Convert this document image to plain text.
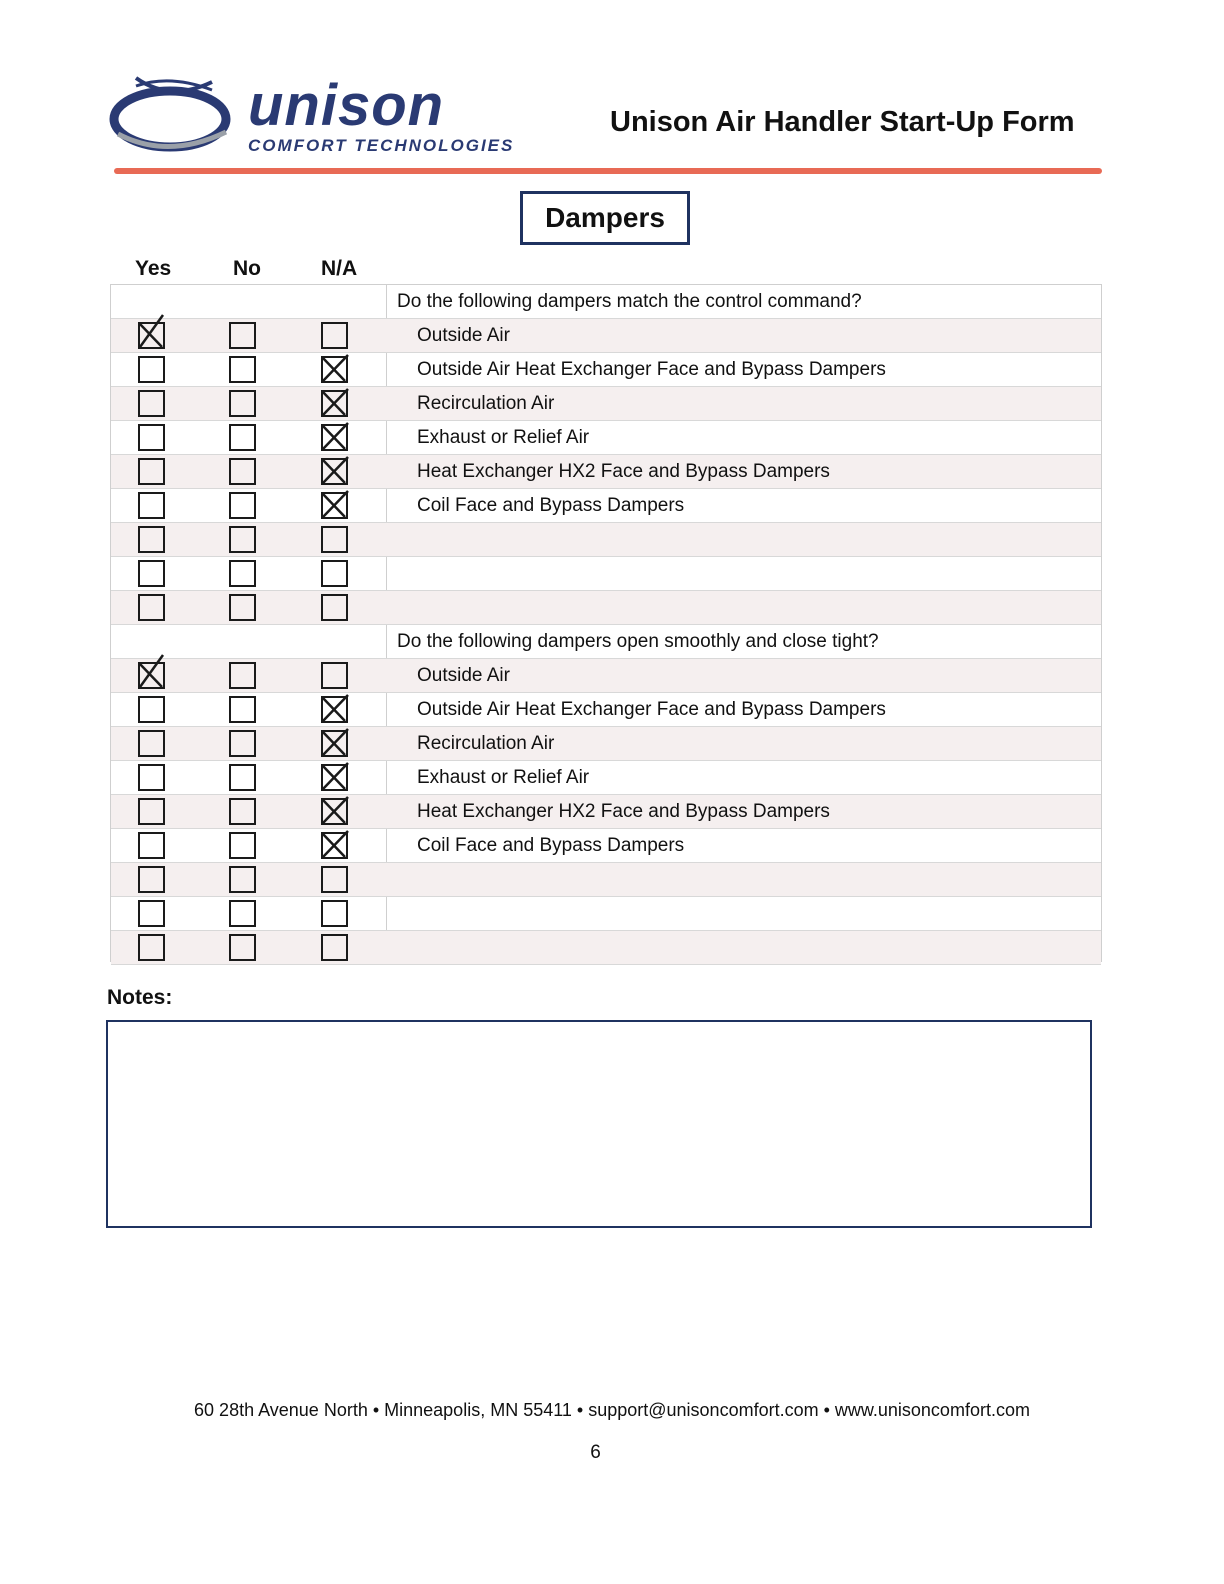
unison
COMFORT TECHNOLOGIES
Unison Air Handler Start-Up Form
Dampers
Yes	No	N/A
Do the following dampers match the control command?
Outside Air
Outside Air Heat Exchanger Face and Bypass Dampers
Recirculation Air
Exhaust or Relief Air
Heat Exchanger HX2 Face and Bypass Dampers
Coil Face and Bypass Dampers
Do the following dampers open smoothly and close tight?
Outside Air
Outside Air Heat Exchanger Face and Bypass Dampers
Recirculation Air
Exhaust or Relief Air
Heat Exchanger HX2 Face and Bypass Dampers
Coil Face and Bypass Dampers
Notes:
60 28th Avenue North • Minneapolis, MN 55411 • support@unisoncomfort.com • www.unisoncomfort.com
6
